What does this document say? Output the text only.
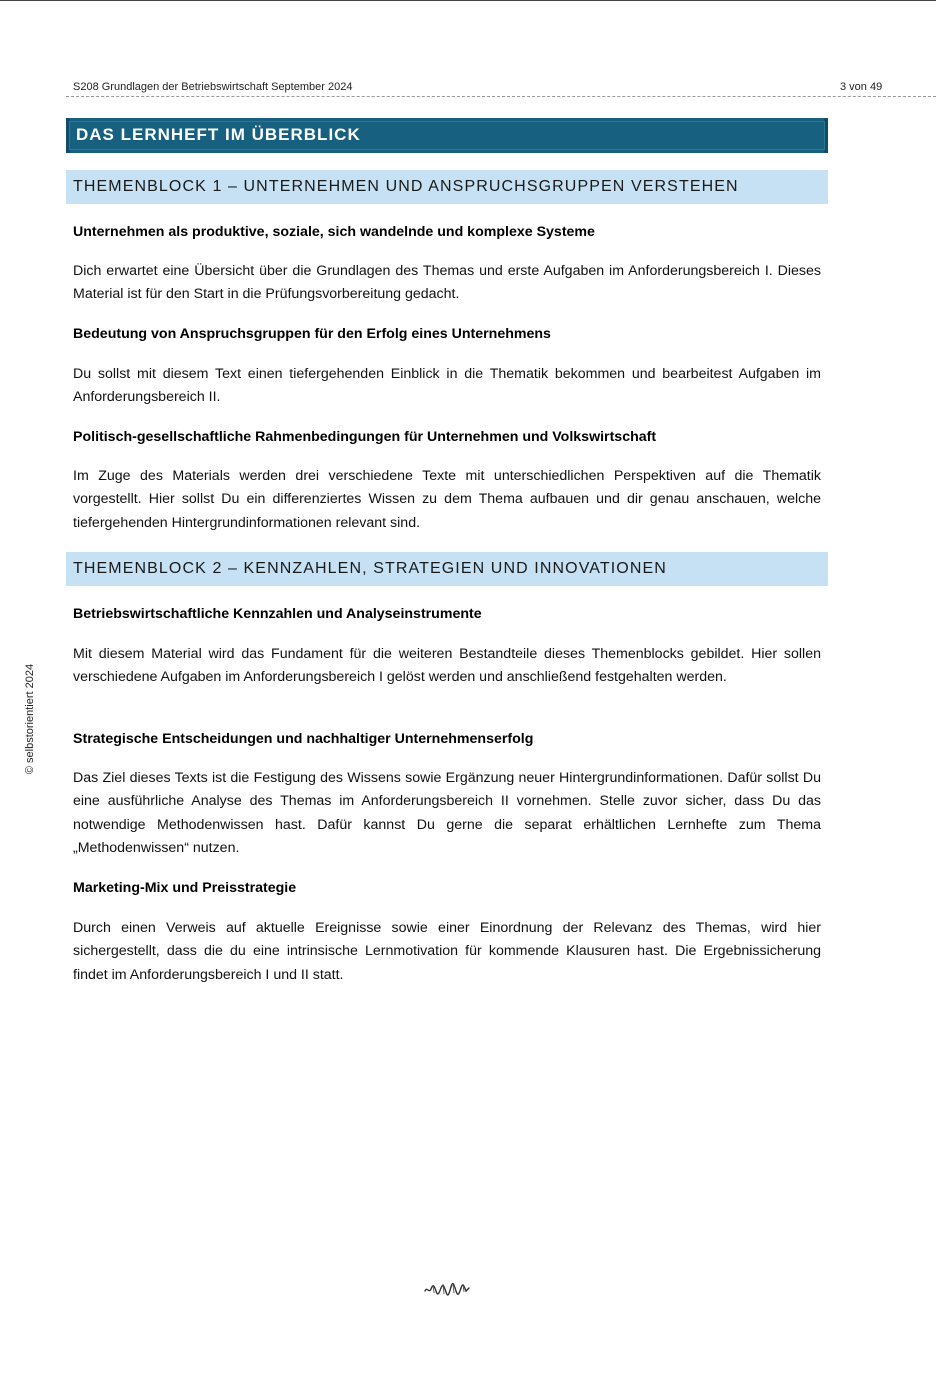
S208 Grundlagen der Betriebswirtschaft September 2024	3 von 49
© selbstorientiert 2024
DAS LERNHEFT IM ÜBERBLICK
THEMENBLOCK 1 – UNTERNEHMEN UND ANSPRUCHSGRUPPEN VERSTEHEN
Unternehmen als produktive, soziale, sich wandelnde und komplexe Systeme
Dich erwartet eine Übersicht über die Grundlagen des Themas und erste Aufgaben im Anforderungsbereich I. Dieses Material ist für den Start in die Prüfungsvorbereitung gedacht.
Bedeutung von Anspruchsgruppen für den Erfolg eines Unternehmens
Du sollst mit diesem Text einen tiefergehenden Einblick in die Thematik bekommen und bearbeitest Aufgaben im Anforderungsbereich II.
Politisch-gesellschaftliche Rahmenbedingungen für Unternehmen und Volkswirtschaft
Im Zuge des Materials werden drei verschiedene Texte mit unterschiedlichen Perspektiven auf die Thematik vorgestellt. Hier sollst Du ein differenziertes Wissen zu dem Thema aufbauen und dir genau anschauen, welche tiefergehenden Hintergrundinformationen relevant sind.
THEMENBLOCK 2 – KENNZAHLEN, STRATEGIEN UND INNOVATIONEN
Betriebswirtschaftliche Kennzahlen und Analyseinstrumente
Mit diesem Material wird das Fundament für die weiteren Bestandteile dieses Themenblocks gebildet. Hier sollen verschiedene Aufgaben im Anforderungsbereich I gelöst werden und anschließend festgehalten werden.
Strategische Entscheidungen und nachhaltiger Unternehmenserfolg
Das Ziel dieses Texts ist die Festigung des Wissens sowie Ergänzung neuer Hintergrundinformationen. Dafür sollst Du eine ausführliche Analyse des Themas im Anforderungsbereich II vornehmen. Stelle zuvor sicher, dass Du das notwendige Methodenwissen hast. Dafür kannst Du gerne die separat erhältlichen Lernhefte zum Thema „Methodenwissen“ nutzen.
Marketing-Mix und Preisstrategie
Durch einen Verweis auf aktuelle Ereignisse sowie einer Einordnung der Relevanz des Themas, wird hier sichergestellt, dass die du eine intrinsische Lernmotivation für kommende Klausuren hast. Die Ergebnissicherung findet im Anforderungsbereich I und II statt.
